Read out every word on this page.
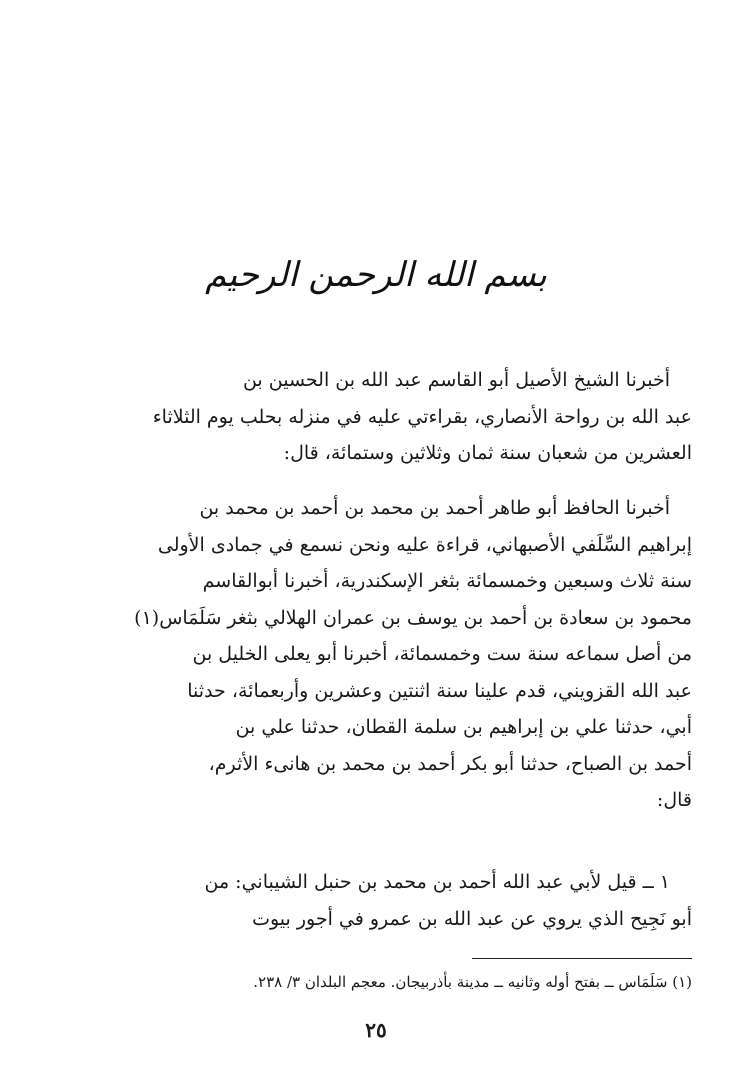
بسم الله الرحمن الرحيم
أخبرنا الشيخ الأصيل أبو القاسم عبد الله بن الحسين بن
عبد الله بن رواحة الأنصاري، بقراءتي عليه في منزله بحلب يوم الثلاثاء
العشرين من شعبان سنة ثمان وثلاثين وستمائة، قال:
أخبرنا الحافظ أبو طاهر أحمد بن محمد بن أحمد بن محمد بن
إبراهيم السِّلَفي الأصبهاني، قراءة عليه ونحن نسمع في جمادى الأولى
سنة ثلاث وسبعين وخمسمائة بثغر الإسكندرية، أخبرنا أبوالقاسم
محمود بن سعادة بن أحمد بن يوسف بن عمران الهلالي بثغر سَلَمَاس(١)
من أصل سماعه سنة ست وخمسمائة، أخبرنا أبو يعلى الخليل بن
عبد الله القزويني، قدم علينا سنة اثنتين وعشرين وأربعمائة، حدثنا
أبي، حدثنا علي بن إبراهيم بن سلمة القطان، حدثنا علي بن
أحمد بن الصباح، حدثنا أبو بكر أحمد بن محمد بن هانىء الأثرم،
قال:
١ ــ قيل لأبي عبد الله أحمد بن محمد بن حنبل الشيباني: من
أبو نَجِيح الذي يروي عن عبد الله بن عمرو في أجور بيوت
(١) سَلَمَاس ــ بفتح أوله وثانيه ــ مدينة بأذربيجان. معجم البلدان ٣/ ٢٣٨.
٢٥
